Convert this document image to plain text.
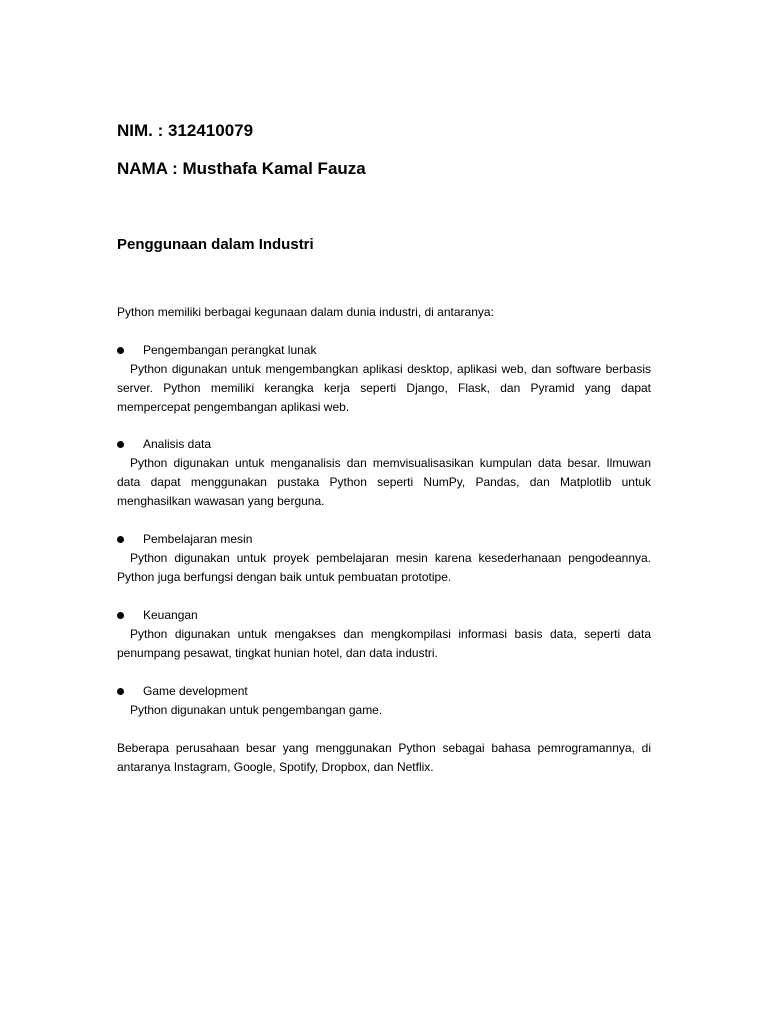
NIM. : 312410079

NAMA : Musthafa Kamal Fauza

Penggunaan dalam Industri

Python memiliki berbagai kegunaan dalam dunia industri, di antaranya:

Pengembangan perangkat lunak

Python digunakan untuk mengembangkan aplikasi desktop, aplikasi web, dan software berbasis server. Python memiliki kerangka kerja seperti Django, Flask, dan Pyramid yang dapat mempercepat pengembangan aplikasi web.

Analisis data

Python digunakan untuk menganalisis dan memvisualisasikan kumpulan data besar. Ilmuwan data dapat menggunakan pustaka Python seperti NumPy, Pandas, dan Matplotlib untuk menghasilkan wawasan yang berguna.

Pembelajaran mesin

Python digunakan untuk proyek pembelajaran mesin karena kesederhanaan pengodeannya. Python juga berfungsi dengan baik untuk pembuatan prototipe.

Keuangan

Python digunakan untuk mengakses dan mengkompilasi informasi basis data, seperti data penumpang pesawat, tingkat hunian hotel, dan data industri.

Game development

Python digunakan untuk pengembangan game.

Beberapa perusahaan besar yang menggunakan Python sebagai bahasa pemrogramannya, di antaranya Instagram, Google, Spotify, Dropbox, dan Netflix.
